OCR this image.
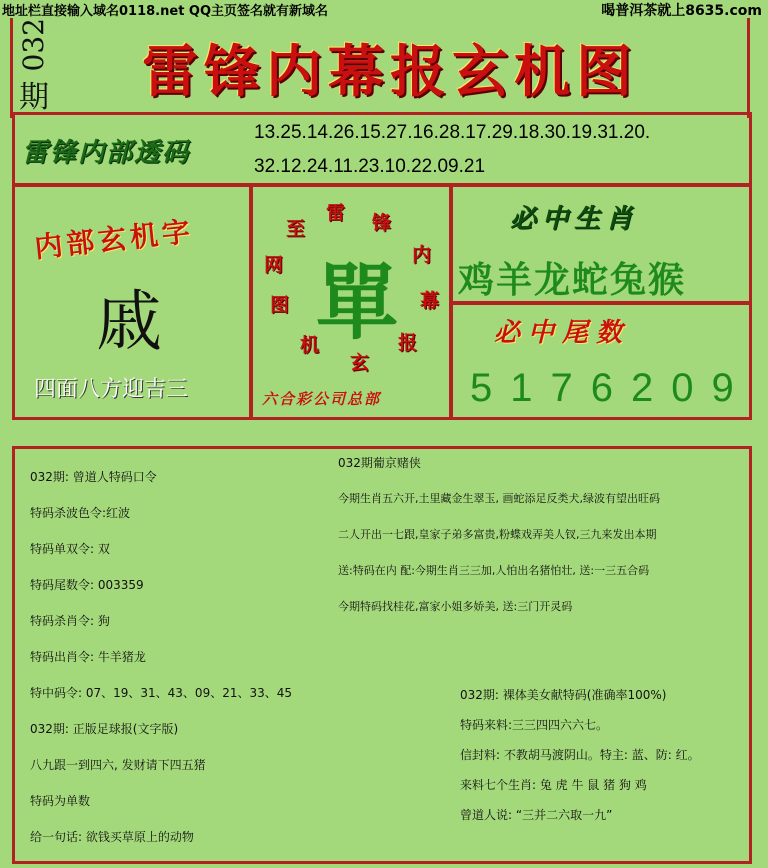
地址栏直接输入域名0118.net QQ主页签名就有新域名	喝普洱茶就上8635.com
032
期	雷锋内幕报玄机图
雷锋内部透码
13.25.14.26.15.27.16.28.17.29.18.30.19.31.20.
32.12.24.11.23.10.22.09.21
内部玄机字
戚
四面八方迎吉三
雷 锋
内
幕
报
玄
机
图
网
至
單
六合彩公司总部
必中生肖
鸡羊龙蛇兔猴
必中尾数
5176209
032期: 曾道人特码口令
特码杀波色令:红波
特码单双令: 双
特码尾数令: 003359
特码杀肖令: 狗
特码出肖令: 牛羊猪龙
特中码令: 07、19、31、43、09、21、33、45
032期: 正版足球报(文字版)
八九跟一到四六, 发财请下四五猪
特码为单数
给一句话: 欲钱买草原上的动物
032期葡京赌侠
今期生肖五六开,土里藏金生翠玉, 画蛇添足反类犬,绿波有望出旺码
二人开出一七跟,皇家子弟多富贵,粉蝶戏弄美人钗,三九来发出本期
送:特码在内 配:今期生肖三三加,人怕出名猪怕壮, 送:一三五合码
今期特码找桂花,富家小姐多娇美, 送:三门开灵码
032期: 裸体美女献特码(准确率100%)
特码来料:三三四四六六七。
信封料: 不教胡马渡阴山。特主: 蓝、防: 红。
来料七个生肖: 兔 虎 牛 鼠 猪 狗 鸡
曾道人说: “三并二六取一九”
